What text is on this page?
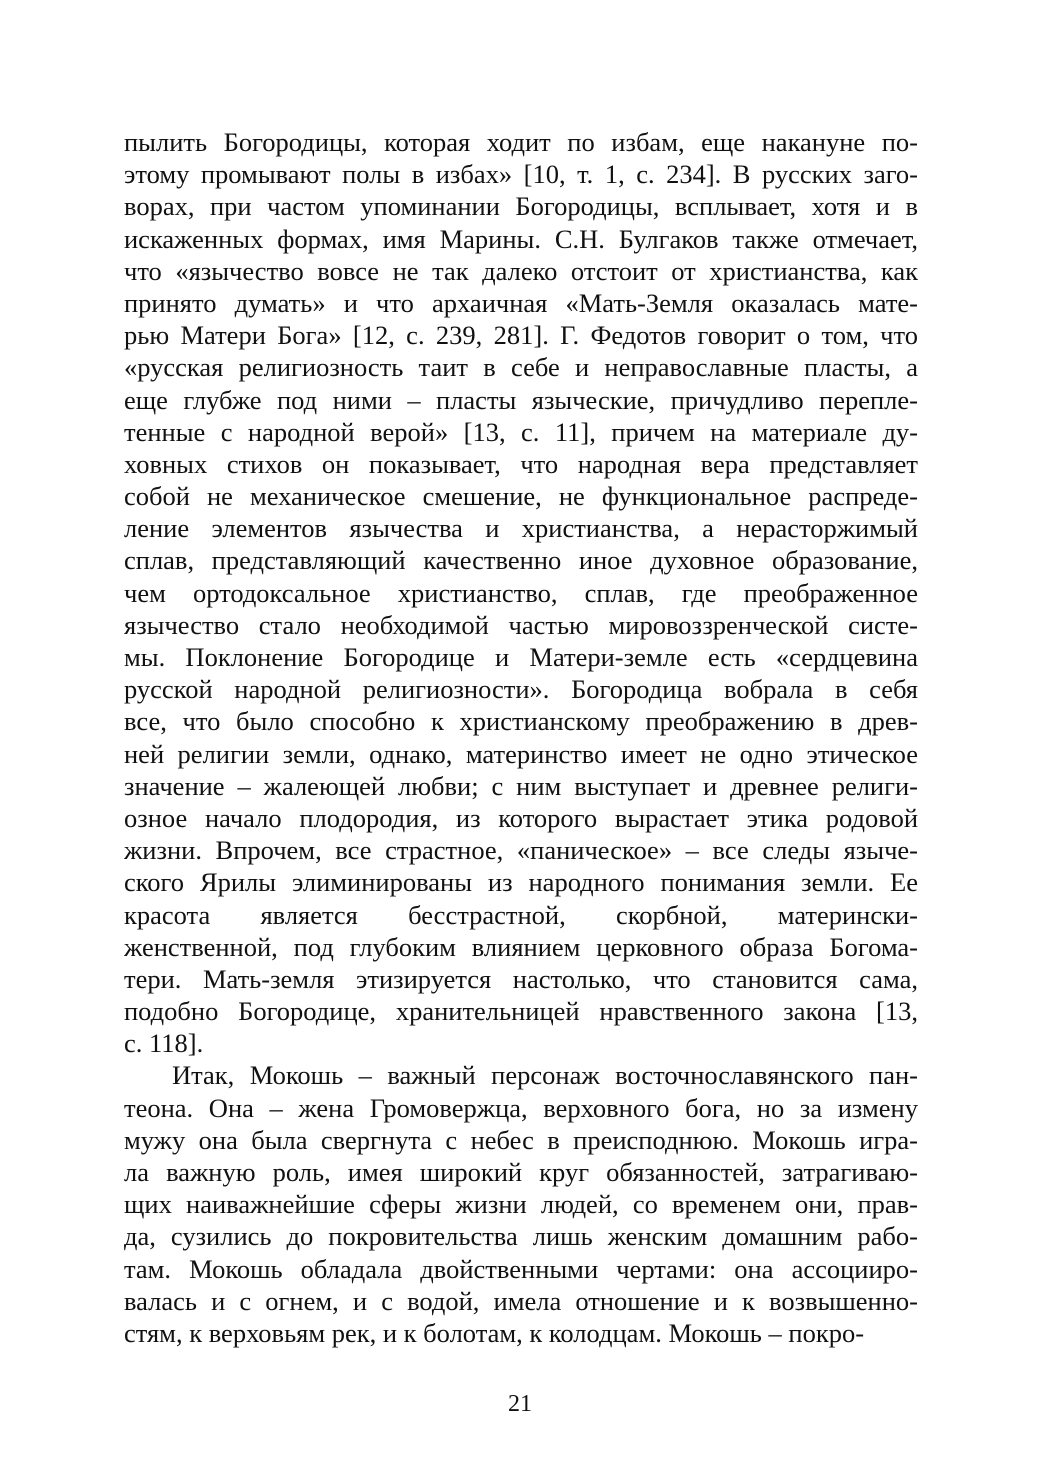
пылить Богородицы, которая ходит по избам, еще накануне по-
этому промывают полы в избах» [10, т. 1, с. 234]. В русских заго-
ворах, при частом упоминании Богородицы, всплывает, хотя и в
искаженных формах, имя Марины. С.Н. Булгаков также отмечает,
что «язычество вовсе не так далеко отстоит от христианства, как
принято думать» и что архаичная «Мать-Земля оказалась мате-
рью Матери Бога» [12, с. 239, 281]. Г. Федотов говорит о том, что
«русская религиозность таит в себе и неправославные пласты, а
еще глубже под ними – пласты языческие, причудливо перепле-
тенные с народной верой» [13, с. 11], причем на материале ду-
ховных стихов он показывает, что народная вера представляет
собой не механическое смешение, не функциональное распреде-
ление элементов язычества и христианства, а нерасторжимый
сплав, представляющий качественно иное духовное образование,
чем ортодоксальное христианство, сплав, где преображенное
язычество стало необходимой частью мировоззренческой систе-
мы. Поклонение Богородице и Матери-земле есть «сердцевина
русской народной религиозности». Богородица вобрала в себя
все, что было способно к христианскому преображению в древ-
ней религии земли, однако, материнство имеет не одно этическое
значение – жалеющей любви; с ним выступает и древнее религи-
озное начало плодородия, из которого вырастает этика родовой
жизни. Впрочем, все страстное, «паническое» – все следы языче-
ского Ярилы элиминированы из народного понимания земли. Ее
красота является бесстрастной, скорбной, матерински-
женственной, под глубоким влиянием церковного образа Богома-
тери. Мать-земля этизируется настолько, что становится сама,
подобно Богородице, хранительницей нравственного закона [13,
с. 118].
Итак, Мокошь – важный персонаж восточнославянского пан-
теона. Она – жена Громовержца, верховного бога, но за измену
мужу она была свергнута с небес в преисподнюю. Мокошь игра-
ла важную роль, имея широкий круг обязанностей, затрагиваю-
щих наиважнейшие сферы жизни людей, со временем они, прав-
да, сузились до покровительства лишь женским домашним рабо-
там. Мокошь обладала двойственными чертами: она ассоцииро-
валась и с огнем, и с водой, имела отношение и к возвышенно-
стям, к верховьям рек, и к болотам, к колодцам. Мокошь – покро-
21
